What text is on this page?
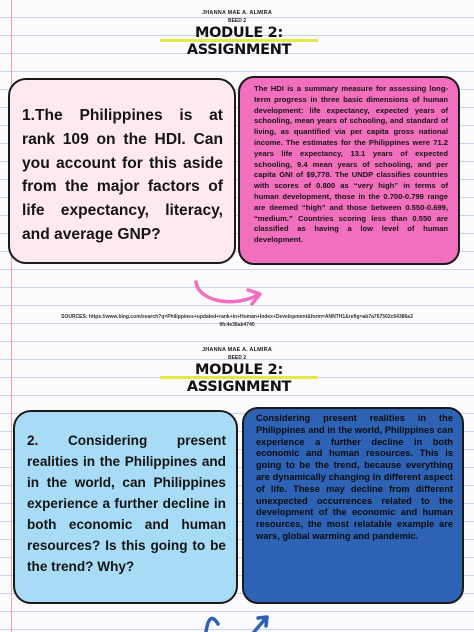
JHANNA MAE A. ALMIRA
BEED 2
MODULE 2: ASSIGNMENT
1.The Philippines is at rank 109 on the HDI. Can you account for this aside from the major factors of life expectancy, literacy, and average GNP?
The HDI is a summary measure for assessing long-term progress in three basic dimensions of human development: life expectancy, expected years of schooling, mean years of schooling, and standard of living, as quantified via per capita gross national income. The estimates for the Philippines were 71.2 years life expectancy, 13.1 years of expected schooling, 9.4 mean years of schooling, and per capita GNI of $9,778. The UNDP classifies countries with scores of 0.800 as “very high” in terms of human development, those in the 0.700-0.799 range are deemed “high” and those between 0.550-0.699, “medium.” Countries scoring less than 0.550 are classified as having a low level of human development.
SOURCES: https://www.bing.com/search?q=Philippines+updated+rank+in+Human+Index+Development&form=ANNTH1&refig=ab7a767502c64386a39fc4e38ab4740
JHANNA MAE A. ALMIRA
BEED 2
MODULE 2: ASSIGNMENT
2. Considering present realities in the Philippines and in the world, can Philippines experience a further decline in both economic and human resources? Is this going to be the trend? Why?
Considering present realities in the Philippines and in the world, Philippines can experience a further decline in both economic and human resources. This is going to be the trend, because everything are dynamically changing in different aspect of life. These may decline from different unexpected occurrences related to the development of the economic and human resources, the most relatable example are wars, global warming and pandemic.
